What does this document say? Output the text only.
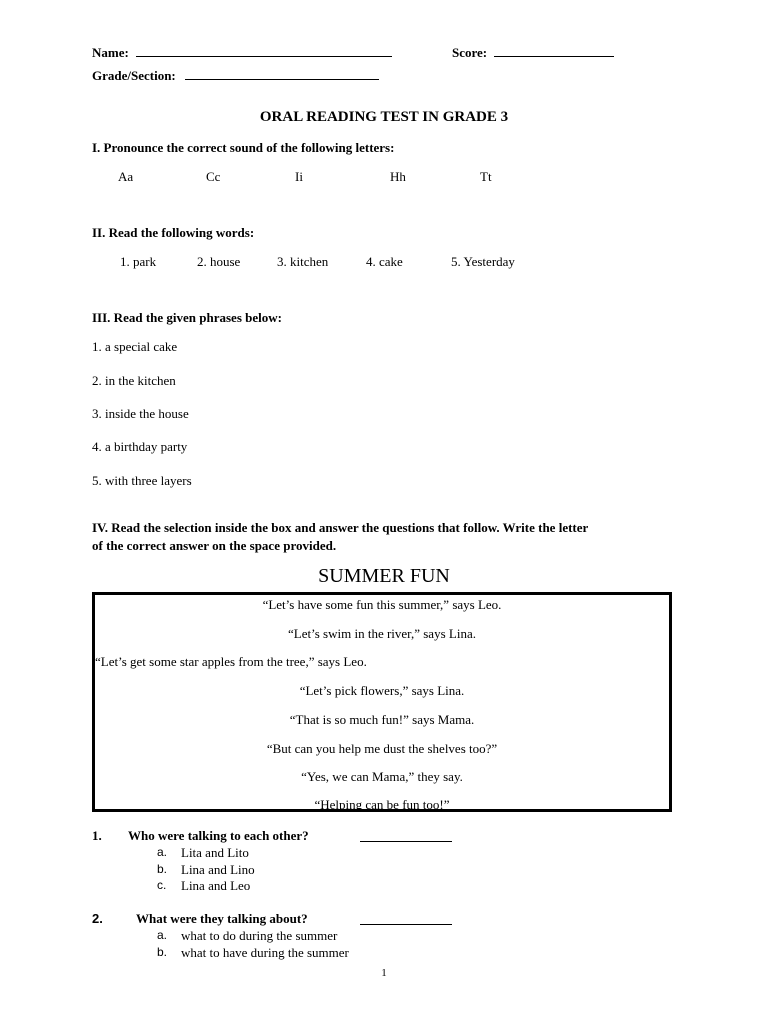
Name:	Score:
Grade/Section:
ORAL READING TEST IN GRADE 3
I. Pronounce the correct sound of the following letters:
Aa	Cc	Ii	Hh	Tt
II. Read the following words:
1. park	2. house	3. kitchen	4. cake	5. Yesterday
III. Read the given phrases below:
1. a special cake
2. in the kitchen
3. inside the house
4. a birthday party
5. with three layers
IV. Read the selection inside the box and answer the questions that follow. Write the letter
of the correct answer on the space provided.
SUMMER FUN
“Let’s have some fun this summer,” says Leo.
“Let’s swim in the river,” says Lina.
“Let’s get some star apples from the tree,” says Leo.
“Let’s pick flowers,” says Lina.
“That is so much fun!” says Mama.
“But can you help me dust the shelves too?”
“Yes, we can Mama,” they say.
“Helping can be fun too!”
1. Who were talking to each other?
a. Lita and Lito
b. Lina and Lino
c. Lina and Leo
2.	What were they talking about?
a. what to do during the summer
b. what to have during the summer
1
